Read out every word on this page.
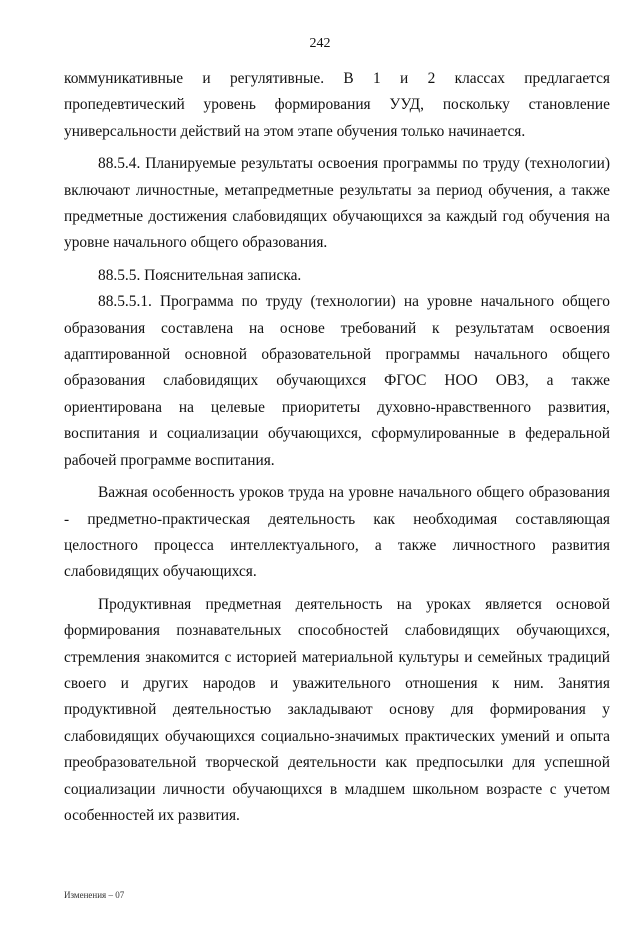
242

коммуникативные и регулятивные. В 1 и 2 классах предлагается пропедевтический уровень формирования УУД, поскольку становление универсальности действий на этом этапе обучения только начинается.

88.5.4. Планируемые результаты освоения программы по труду (технологии) включают личностные, метапредметные результаты за период обучения, а также предметные достижения слабовидящих обучающихся за каждый год обучения на уровне начального общего образования.

88.5.5. Пояснительная записка.

88.5.5.1. Программа по труду (технологии) на уровне начального общего образования составлена на основе требований к результатам освоения адаптированной основной образовательной программы начального общего образования слабовидящих обучающихся ФГОС НОО ОВЗ, а также ориентирована на целевые приоритеты духовно-нравственного развития, воспитания и социализации обучающихся, сформулированные в федеральной рабочей программе воспитания.

Важная особенность уроков труда на уровне начального общего образования - предметно-практическая деятельность как необходимая составляющая целостного процесса интеллектуального, а также личностного развития слабовидящих обучающихся.

Продуктивная предметная деятельность на уроках является основой формирования познавательных способностей слабовидящих обучающихся, стремления знакомится с историей материальной культуры и семейных традиций своего и других народов и уважительного отношения к ним. Занятия продуктивной деятельностью закладывают основу для формирования у слабовидящих обучающихся социально-значимых практических умений и опыта преобразовательной творческой деятельности как предпосылки для успешной социализации личности обучающихся в младшем школьном возрасте с учетом особенностей их развития.

Изменения – 07
